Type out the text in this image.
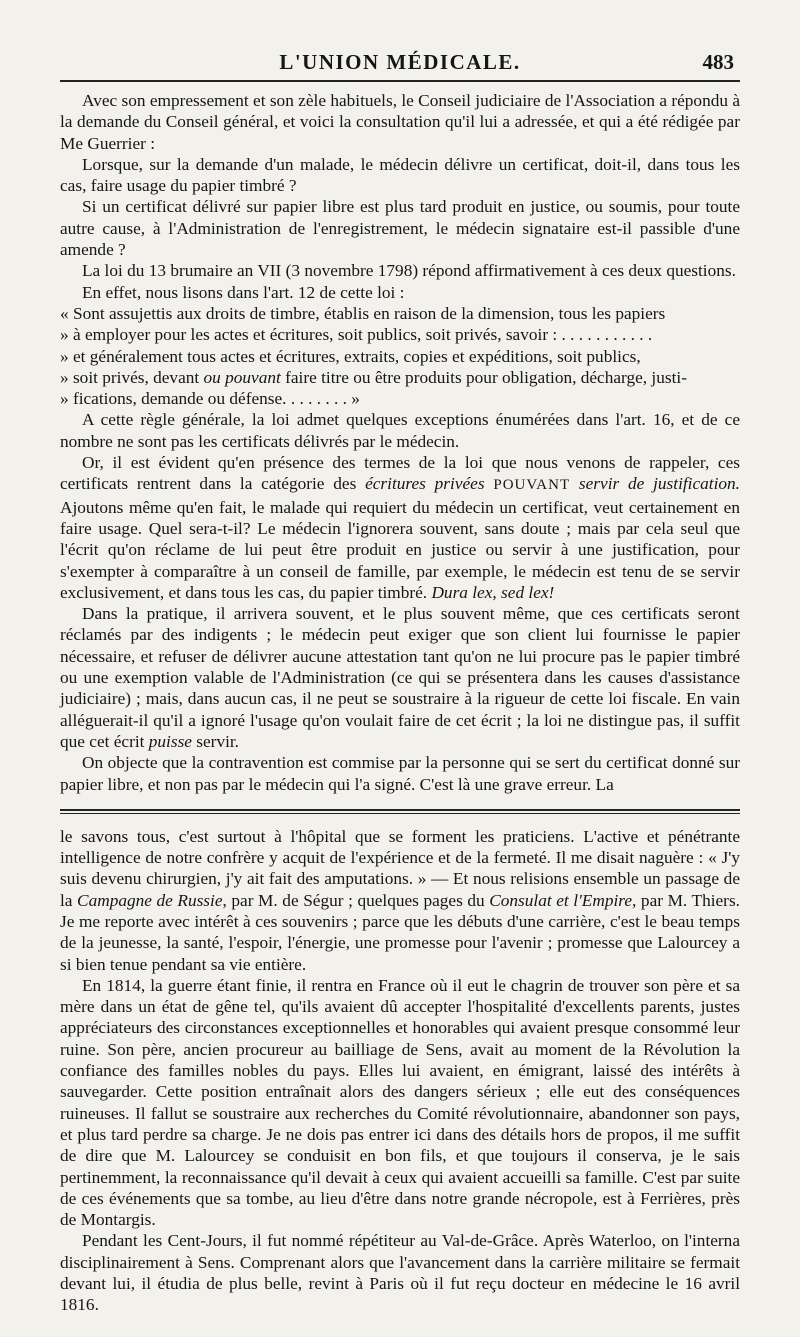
L'UNION MÉDICALE.	483

Avec son empressement et son zèle habituels, le Conseil judiciaire de l'Association a répondu à la demande du Conseil général, et voici la consultation qu'il lui a adressée, et qui a été rédigée par Me Guerrier :

Lorsque, sur la demande d'un malade, le médecin délivre un certificat, doit-il, dans tous les cas, faire usage du papier timbré ?

Si un certificat délivré sur papier libre est plus tard produit en justice, ou soumis, pour toute autre cause, à l'Administration de l'enregistrement, le médecin signataire est-il passible d'une amende ?

La loi du 13 brumaire an VII (3 novembre 1798) répond affirmativement à ces deux questions.

En effet, nous lisons dans l'art. 12 de cette loi :

« Sont assujettis aux droits de timbre, établis en raison de la dimension, tous les papiers

» à employer pour les actes et écritures, soit publics, soit privés, savoir : . . . . . . . . . . .

» et généralement tous actes et écritures, extraits, copies et expéditions, soit publics,

» soit privés, devant ou pouvant faire titre ou être produits pour obligation, décharge, justi-

» fications, demande ou défense. . . . . . . . »

A cette règle générale, la loi admet quelques exceptions énumérées dans l'art. 16, et de ce nombre ne sont pas les certificats délivrés par le médecin.

Or, il est évident qu'en présence des termes de la loi que nous venons de rappeler, ces certificats rentrent dans la catégorie des écritures privées POUVANT servir de justification. Ajoutons même qu'en fait, le malade qui requiert du médecin un certificat, veut certainement en faire usage. Quel sera-t-il? Le médecin l'ignorera souvent, sans doute ; mais par cela seul que l'écrit qu'on réclame de lui peut être produit en justice ou servir à une justification, pour s'exempter à comparaître à un conseil de famille, par exemple, le médecin est tenu de se servir exclusivement, et dans tous les cas, du papier timbré. Dura lex, sed lex!

Dans la pratique, il arrivera souvent, et le plus souvent même, que ces certificats seront réclamés par des indigents ; le médecin peut exiger que son client lui fournisse le papier nécessaire, et refuser de délivrer aucune attestation tant qu'on ne lui procure pas le papier timbré ou une exemption valable de l'Administration (ce qui se présentera dans les causes d'assistance judiciaire) ; mais, dans aucun cas, il ne peut se soustraire à la rigueur de cette loi fiscale. En vain alléguerait-il qu'il a ignoré l'usage qu'on voulait faire de cet écrit ; la loi ne distingue pas, il suffit que cet écrit puisse servir.

On objecte que la contravention est commise par la personne qui se sert du certificat donné sur papier libre, et non pas par le médecin qui l'a signé. C'est là une grave erreur. La

le savons tous, c'est surtout à l'hôpital que se forment les praticiens. L'active et pénétrante intelligence de notre confrère y acquit de l'expérience et de la fermeté. Il me disait naguère : « J'y suis devenu chirurgien, j'y ait fait des amputations. » — Et nous relisions ensemble un passage de la Campagne de Russie, par M. de Ségur ; quelques pages du Consulat et l'Empire, par M. Thiers. Je me reporte avec intérêt à ces souvenirs ; parce que les débuts d'une carrière, c'est le beau temps de la jeunesse, la santé, l'espoir, l'énergie, une promesse pour l'avenir ; promesse que Lalourcey a si bien tenue pendant sa vie entière.

En 1814, la guerre étant finie, il rentra en France où il eut le chagrin de trouver son père et sa mère dans un état de gêne tel, qu'ils avaient dû accepter l'hospitalité d'excellents parents, justes appréciateurs des circonstances exceptionnelles et honorables qui avaient presque consommé leur ruine. Son père, ancien procureur au bailliage de Sens, avait au moment de la Révolution la confiance des familles nobles du pays. Elles lui avaient, en émigrant, laissé des intérêts à sauvegarder. Cette position entraînait alors des dangers sérieux ; elle eut des conséquences ruineuses. Il fallut se soustraire aux recherches du Comité révolutionnaire, abandonner son pays, et plus tard perdre sa charge. Je ne dois pas entrer ici dans des détails hors de propos, il me suffit de dire que M. Lalourcey se conduisit en bon fils, et que toujours il conserva, je le sais pertinemment, la reconnaissance qu'il devait à ceux qui avaient accueilli sa famille. C'est par suite de ces événements que sa tombe, au lieu d'être dans notre grande nécropole, est à Ferrières, près de Montargis.

Pendant les Cent-Jours, il fut nommé répétiteur au Val-de-Grâce. Après Waterloo, on l'interna disciplinairement à Sens. Comprenant alors que l'avancement dans la carrière militaire se fermait devant lui, il étudia de plus belle, revint à Paris où il fut reçu docteur en médecine le 16 avril 1816.
